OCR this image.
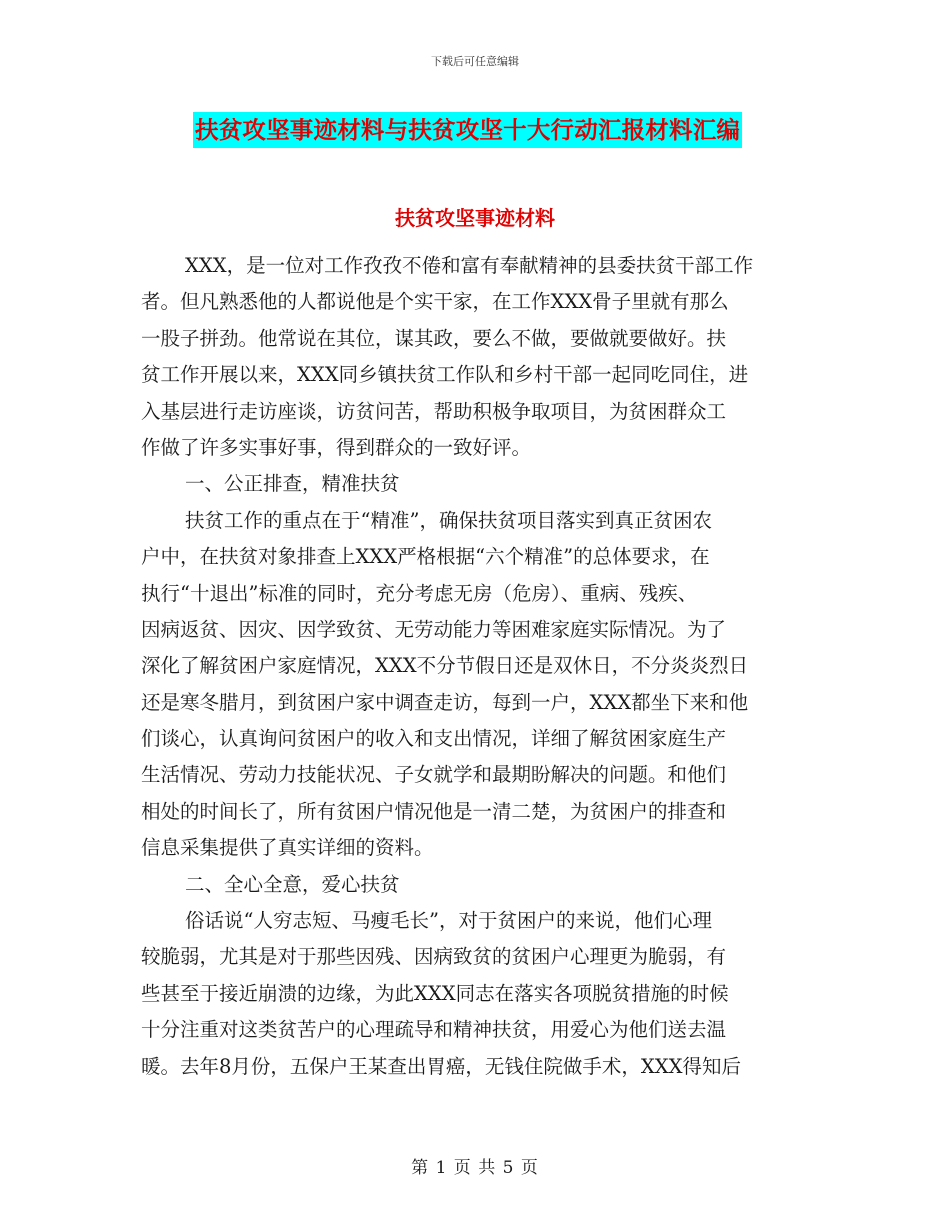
下载后可任意编辑
扶贫攻坚事迹材料与扶贫攻坚十大行动汇报材料汇编
扶贫攻坚事迹材料
XXX，是一位对工作孜孜不倦和富有奉献精神的县委扶贫干部工作
者。但凡熟悉他的人都说他是个实干家，在工作XXX骨子里就有那么
一股子拼劲。他常说在其位，谋其政，要么不做，要做就要做好。扶
贫工作开展以来，XXX同乡镇扶贫工作队和乡村干部一起同吃同住，进
入基层进行走访座谈，访贫问苦，帮助积极争取项目，为贫困群众工
作做了许多实事好事，得到群众的一致好评。
一、公正排查，精准扶贫
扶贫工作的重点在于“精准”，确保扶贫项目落实到真正贫困农
户中，在扶贫对象排查上XXX严格根据“六个精准”的总体要求，在
执行“十退出”标准的同时，充分考虑无房（危房）、重病、残疾、
因病返贫、因灾、因学致贫、无劳动能力等困难家庭实际情况。为了
深化了解贫困户家庭情况，XXX不分节假日还是双休日，不分炎炎烈日
还是寒冬腊月，到贫困户家中调查走访，每到一户，XXX都坐下来和他
们谈心，认真询问贫困户的收入和支出情况，详细了解贫困家庭生产
生活情况、劳动力技能状况、子女就学和最期盼解决的问题。和他们
相处的时间长了，所有贫困户情况他是一清二楚，为贫困户的排查和
信息采集提供了真实详细的资料。
二、全心全意，爱心扶贫
俗话说“人穷志短、马瘦毛长”，对于贫困户的来说，他们心理
较脆弱，尤其是对于那些因残、因病致贫的贫困户心理更为脆弱，有
些甚至于接近崩溃的边缘，为此XXX同志在落实各项脱贫措施的时候
十分注重对这类贫苦户的心理疏导和精神扶贫，用爱心为他们送去温
暖。去年8月份，五保户王某查出胃癌，无钱住院做手术，XXX得知后
第 1 页 共 5 页
